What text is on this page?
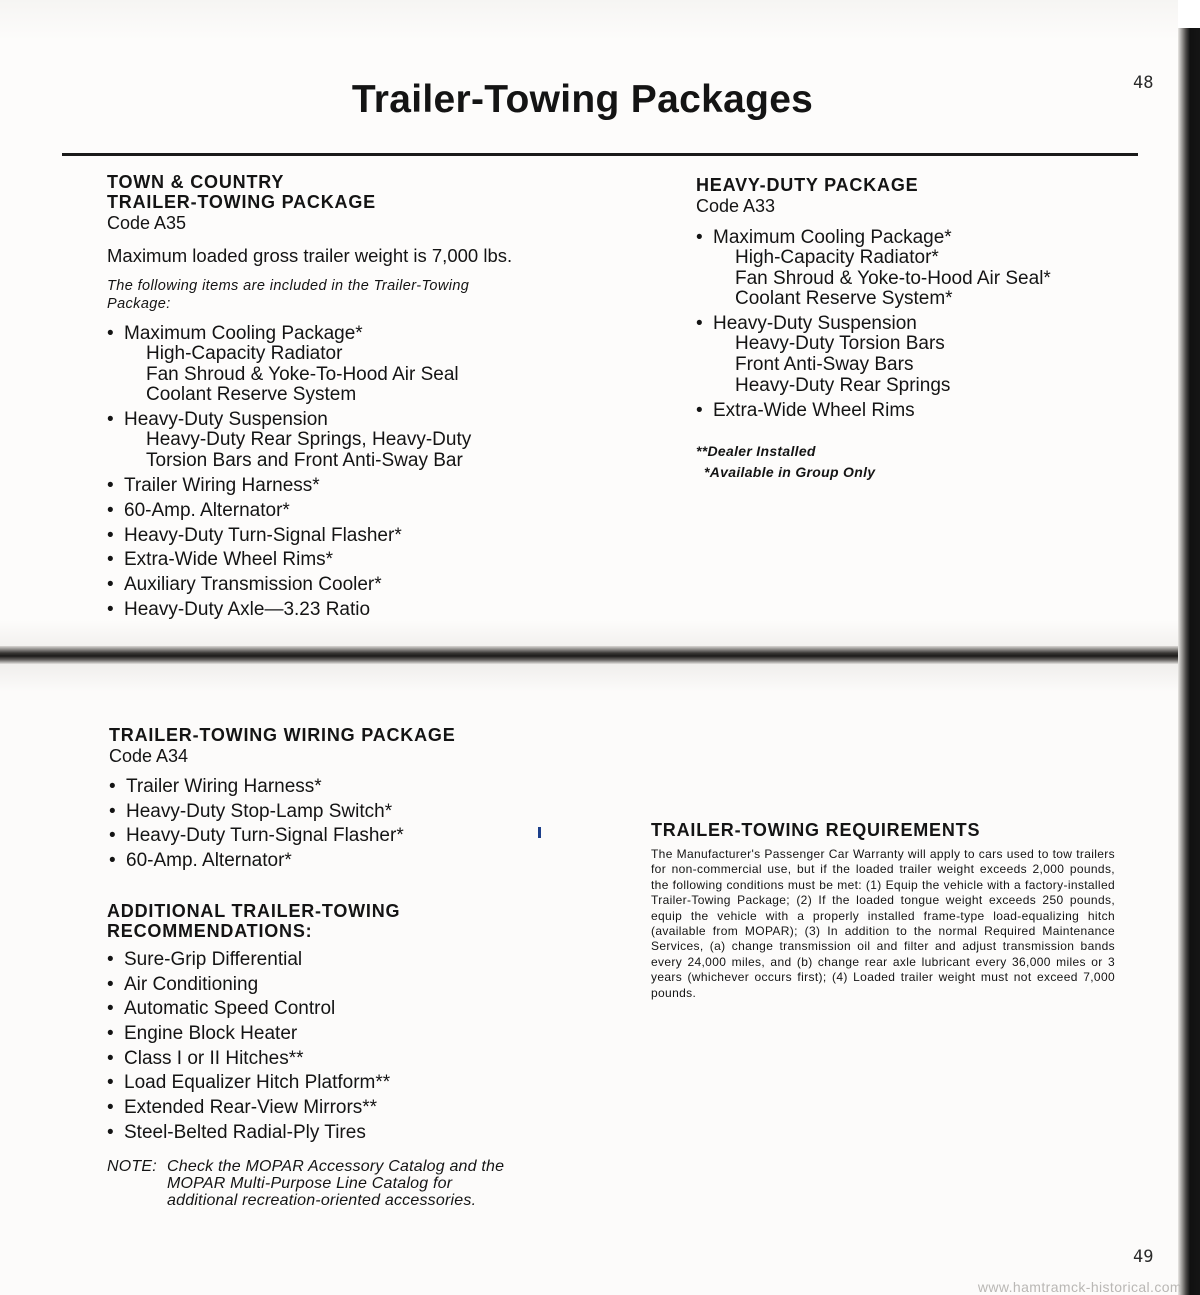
Trailer-Towing Packages	48

TOWN & COUNTRY

TRAILER-TOWING PACKAGE

Code A35

Maximum loaded gross trailer weight is 7,000 lbs.

The following items are included in the Trailer-Towing

Package:

• Maximum Cooling Package*
High-Capacity Radiator
Fan Shroud & Yoke-To-Hood Air Seal
Coolant Reserve System
• Heavy-Duty Suspension
Heavy-Duty Rear Springs, Heavy-Duty
Torsion Bars and Front Anti-Sway Bar
• Trailer Wiring Harness*
• 60-Amp. Alternator*
• Heavy-Duty Turn-Signal Flasher*
• Extra-Wide Wheel Rims*
• Auxiliary Transmission Cooler*
• Heavy-Duty Axle—3.23 Ratio

HEAVY-DUTY PACKAGE

Code A33

• Maximum Cooling Package*
High-Capacity Radiator*
Fan Shroud & Yoke-to-Hood Air Seal*
Coolant Reserve System*
• Heavy-Duty Suspension
Heavy-Duty Torsion Bars
Front Anti-Sway Bars
Heavy-Duty Rear Springs
• Extra-Wide Wheel Rims

**Dealer Installed

*Available in Group Only

TRAILER-TOWING WIRING PACKAGE

Code A34

• Trailer Wiring Harness*
• Heavy-Duty Stop-Lamp Switch*
• Heavy-Duty Turn-Signal Flasher*
• 60-Amp. Alternator*

ADDITIONAL TRAILER-TOWING

RECOMMENDATIONS:

• Sure-Grip Differential
• Air Conditioning
• Automatic Speed Control
• Engine Block Heater
• Class I or II Hitches**
• Load Equalizer Hitch Platform**
• Extended Rear-View Mirrors**
• Steel-Belted Radial-Ply Tires
NOTE: Check the MOPAR Accessory Catalog and the
MOPAR Multi-Purpose Line Catalog for
additional recreation-oriented accessories.

TRAILER-TOWING REQUIREMENTS

The Manufacturer's Passenger Car Warranty will apply to cars used to tow trailers for non-commercial use, but if the loaded trailer weight exceeds 2,000 pounds, the following conditions must be met: (1) Equip the vehicle with a factory-installed Trailer-Towing Package; (2) If the loaded tongue weight exceeds 250 pounds, equip the vehicle with a properly installed frame-type load-equalizing hitch (available from MOPAR); (3) In addition to the normal Required Maintenance Services, (a) change transmission oil and filter and adjust transmission bands every 24,000 miles, and (b) change rear axle lubricant every 36,000 miles or 3 years (whichever occurs first); (4) Loaded trailer weight must not exceed 7,000 pounds.

49
www.hamtramck-historical.com
